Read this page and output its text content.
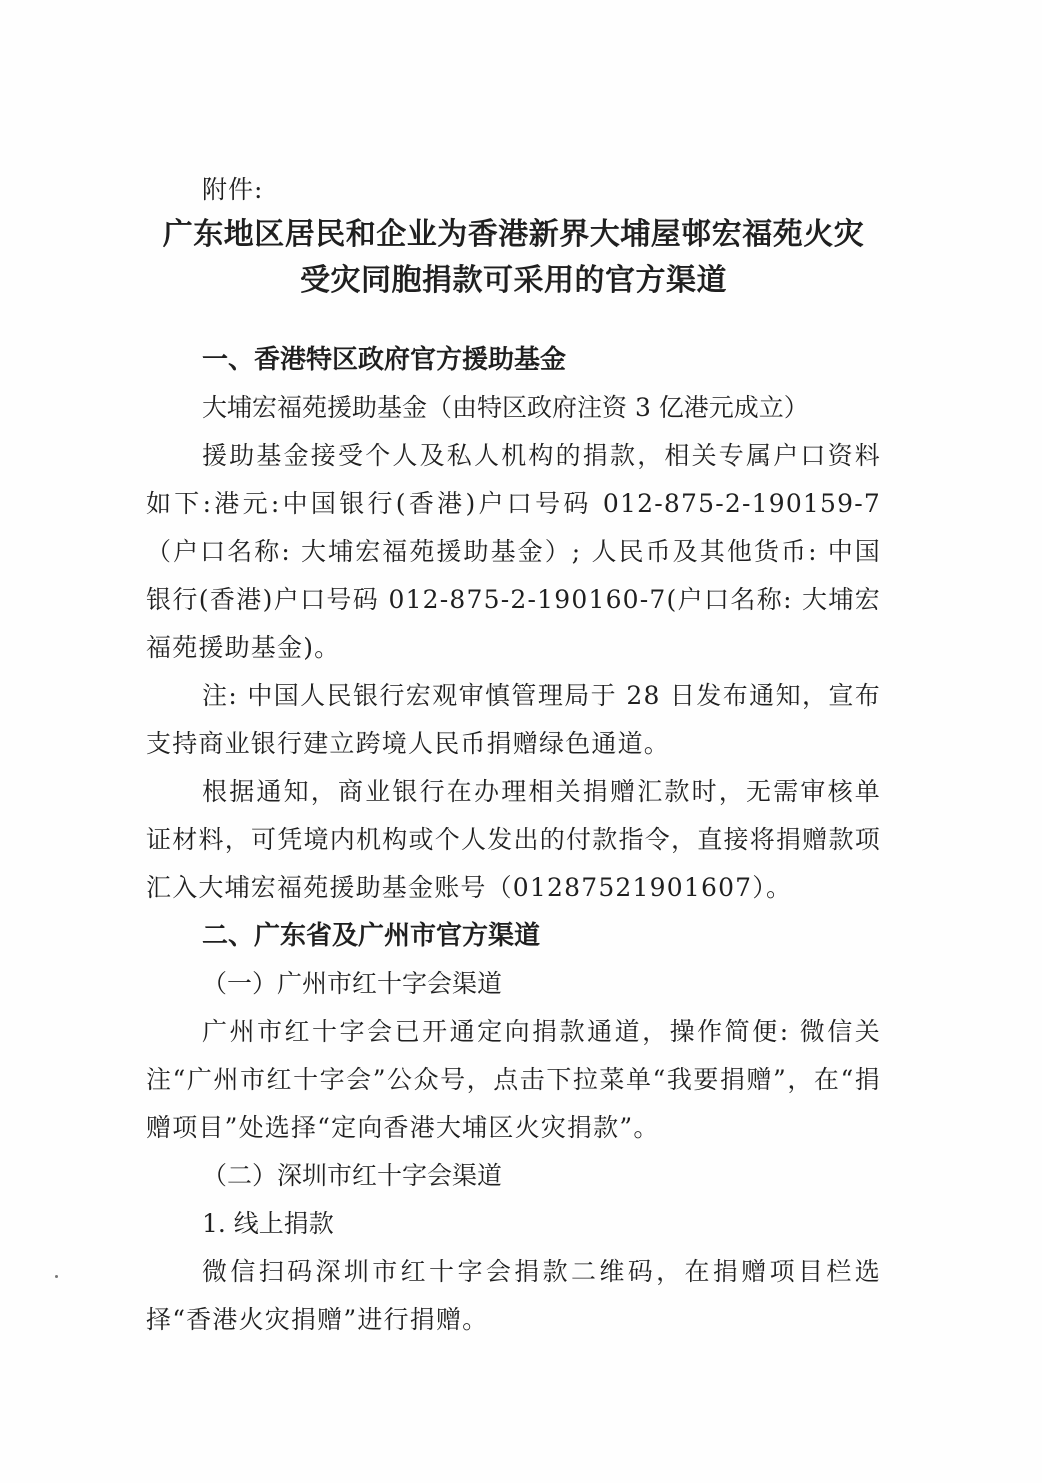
附件:
广东地区居民和企业为香港新界大埔屋邨宏福苑火灾
受灾同胞捐款可采用的官方渠道
一、香港特区政府官方援助基金
大埔宏福苑援助基金（由特区政府注资 3 亿港元成立）

援助基金接受个人及私人机构的捐款，相关专属户口资料如下:港元:中国银行(香港)户口号码 012-875-2-190159-7（户口名称: 大埔宏福苑援助基金）; 人民币及其他货币: 中国银行(香港)户口号码 012-875-2-190160-7(户口名称: 大埔宏福苑援助基金)。

注: 中国人民银行宏观审慎管理局于 28 日发布通知，宣布支持商业银行建立跨境人民币捐赠绿色通道。

根据通知，商业银行在办理相关捐赠汇款时，无需审核单证材料，可凭境内机构或个人发出的付款指令，直接将捐赠款项汇入大埔宏福苑援助基金账号（01287521901607）。

二、广东省及广州市官方渠道
（一）广州市红十字会渠道

广州市红十字会已开通定向捐款通道，操作简便: 微信关注“广州市红十字会”公众号，点击下拉菜单“我要捐赠”，在“捐赠项目”处选择“定向香港大埔区火灾捐款”。

（二）深圳市红十字会渠道
1. 线上捐款

微信扫码深圳市红十字会捐款二维码，在捐赠项目栏选择“香港火灾捐赠”进行捐赠。
